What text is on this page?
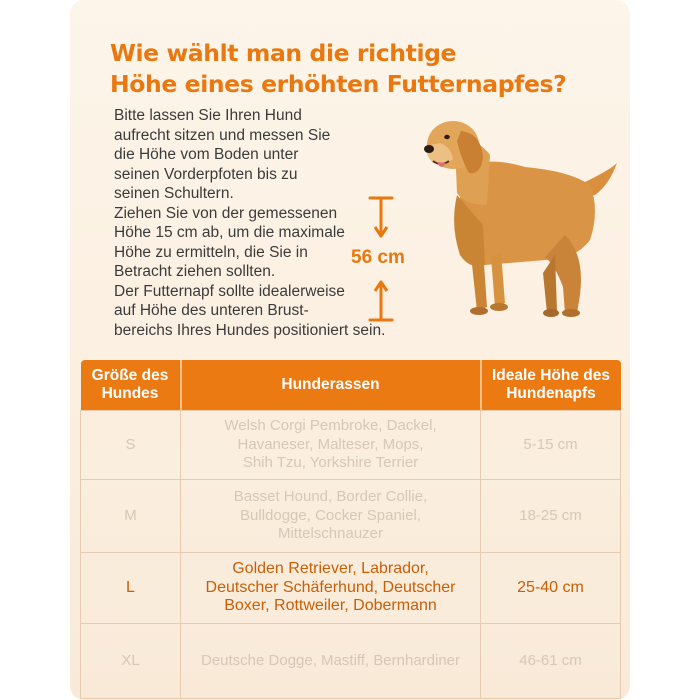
Wie wählt man die richtige
Höhe eines erhöhten Futternapfes?
Bitte lassen Sie Ihren Hund
aufrecht sitzen und messen Sie
die Höhe vom Boden unter
seinen Vorderpfoten bis zu
seinen Schultern.
Ziehen Sie von der gemessenen
Höhe 15 cm ab, um die maximale
Höhe zu ermitteln, die Sie in
Betracht ziehen sollten.
Der Futternapf sollte idealerweise
auf Höhe des unteren Brust-
bereichs Ihres Hundes positioniert sein.
56 cm
Größe des Hundes	Hunderassen	Ideale Höhe des Hundenapfs
S	Welsh Corgi Pembroke, Dackel,
Havaneser, Malteser, Mops,
Shih Tzu, Yorkshire Terrier	5-15 cm
M	Basset Hound, Border Collie,
Bulldogge, Cocker Spaniel,
Mittelschnauzer	18-25 cm
L	Golden Retriever, Labrador,
Deutscher Schäferhund, Deutscher
Boxer, Rottweiler, Dobermann	25-40 cm
XL	Deutsche Dogge, Mastiff, Bernhardiner	46-61 cm
